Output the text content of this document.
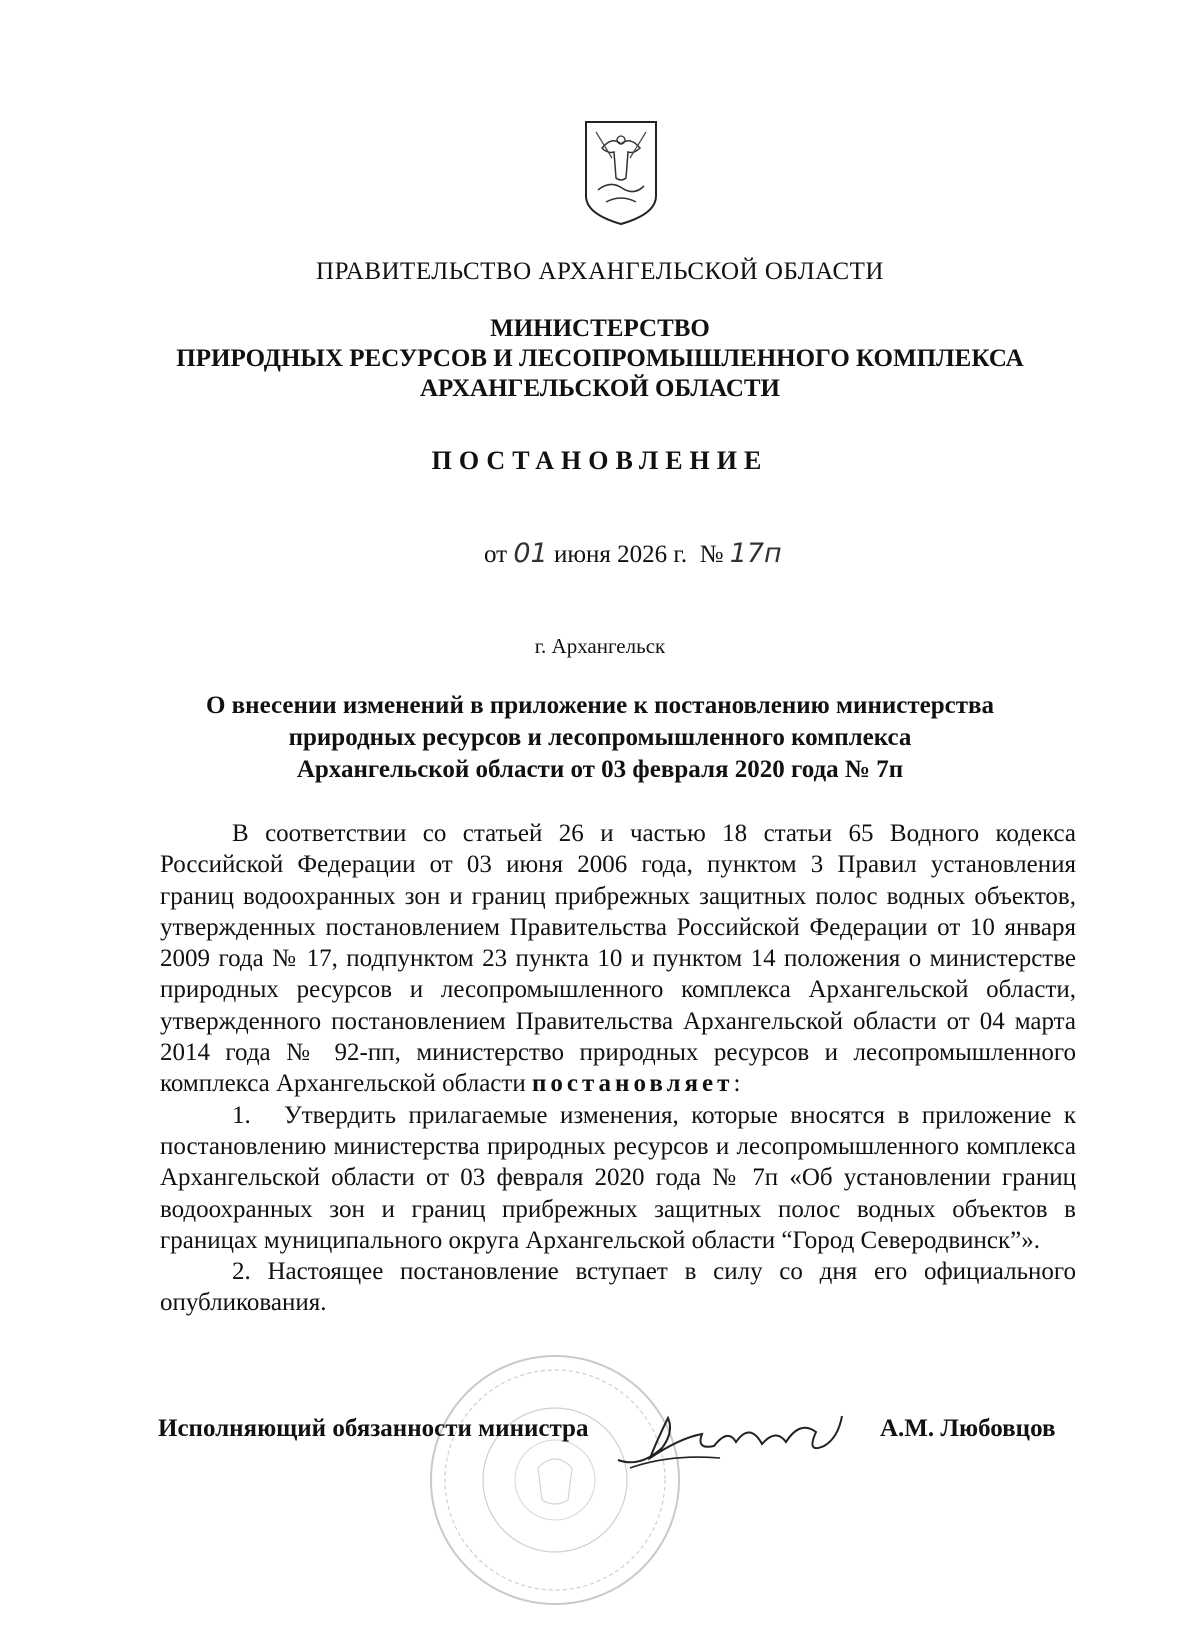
ПРАВИТЕЛЬСТВО АРХАНГЕЛЬСКОЙ ОБЛАСТИ
МИНИСТЕРСТВО
ПРИРОДНЫХ РЕСУРСОВ И ЛЕСОПРОМЫШЛЕННОГО КОМПЛЕКСА
АРХАНГЕЛЬСКОЙ ОБЛАСТИ
ПОСТАНОВЛЕНИЕ
от 01 июня 2026 г. № 17п
г. Архангельск
О внесении изменений в приложение к постановлению министерства
природных ресурсов и лесопромышленного комплекса
Архангельской области от 03 февраля 2020 года № 7п

В соответствии со статьей 26 и частью 18 статьи 65 Водного кодекса Российской Федерации от 03 июня 2006 года, пунктом 3 Правил установления границ водоохранных зон и границ прибрежных защитных полос водных объектов, утвержденных постановлением Правительства Российской Федерации от 10 января 2009 года № 17, подпунктом 23 пункта 10 и пунктом 14 положения о министерстве природных ресурсов и лесопромышленного комплекса Архангельской области, утвержденного постановлением Правительства Архангельской области от 04 марта 2014 года № 92-пп, министерство природных ресурсов и лесопромышленного комплекса Архангельской области постановляет:

1. Утвердить прилагаемые изменения, которые вносятся в приложение к постановлению министерства природных ресурсов и лесопромышленного комплекса Архангельской области от 03 февраля 2020 года № 7п «Об установлении границ водоохранных зон и границ прибрежных защитных полос водных объектов в границах муниципального округа Архангельской области “Город Северодвинск”».

2. Настоящее постановление вступает в силу со дня его официального опубликования.

Исполняющий обязанности министра	А.М. Любовцов
